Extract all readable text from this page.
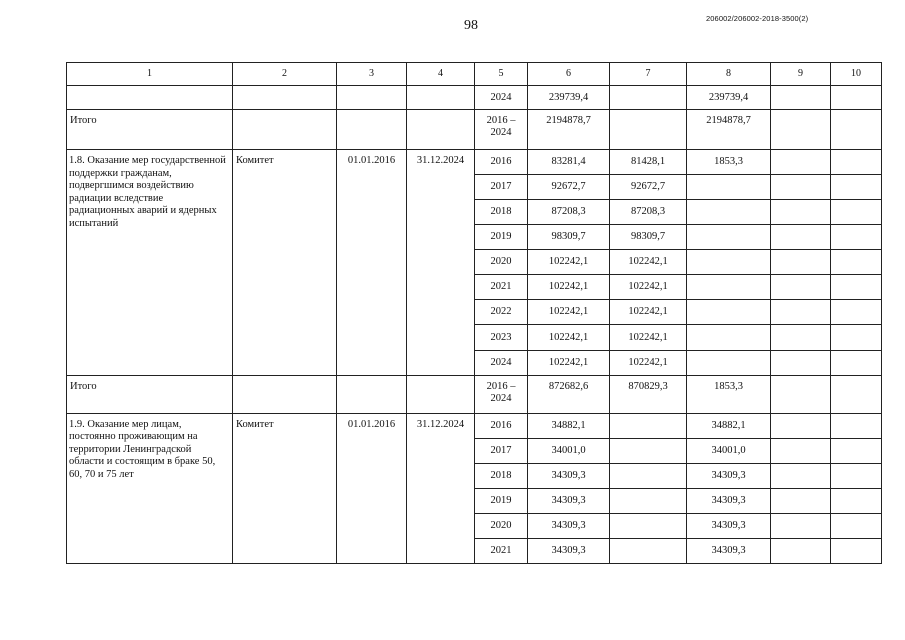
98	206002/206002-2018-3500(2)
1	2	3	4	5	6	7	8	9	10
				2024	239739,4		239739,4		
Итого				2016 – 2024	2194878,7		2194878,7		
1.8. Оказание мер государственной поддержки гражданам, подвергшимся воздействию радиации вследствие радиационных аварий и ядерных испытаний	Комитет	01.01.2016	31.12.2024	2016	83281,4	81428,1	1853,3		
				2017	92672,7	92672,7			
				2018	87208,3	87208,3			
				2019	98309,7	98309,7			
				2020	102242,1	102242,1			
				2021	102242,1	102242,1			
				2022	102242,1	102242,1			
				2023	102242,1	102242,1			
				2024	102242,1	102242,1			
Итого				2016 – 2024	872682,6	870829,3	1853,3		
1.9. Оказание мер лицам, постоянно проживающим на территории Ленинградской области и состоящим в браке 50, 60, 70 и 75 лет	Комитет	01.01.2016	31.12.2024	2016	34882,1		34882,1		
				2017	34001,0		34001,0		
				2018	34309,3		34309,3		
				2019	34309,3		34309,3		
				2020	34309,3		34309,3		
				2021	34309,3		34309,3		
